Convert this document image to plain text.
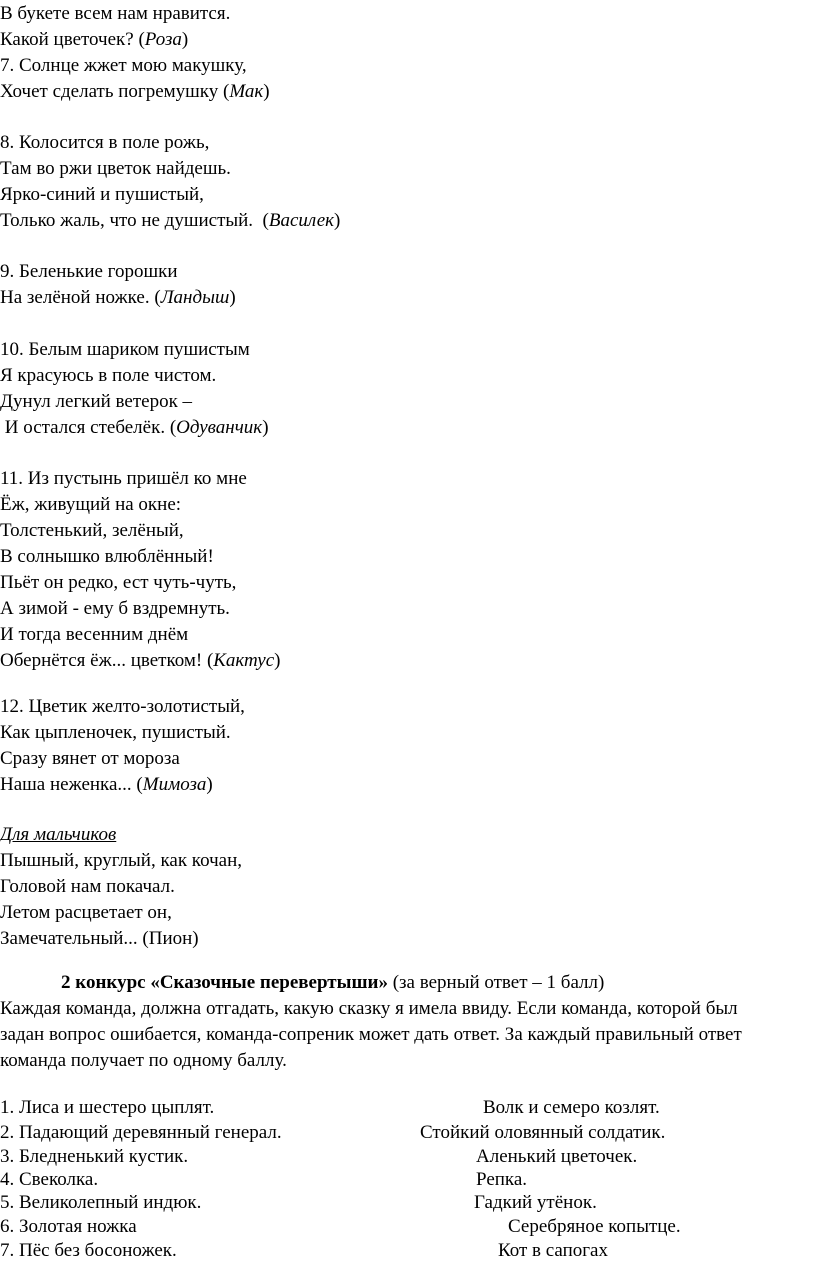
В букете всем нам нравится.
Какой цветочек? (Роза)
7. Солнце жжет мою макушку,
Хочет сделать погремушку (Мак)
8. Колосится в поле рожь,
Там во ржи цветок найдешь.
Ярко-синий и пушистый,
Только жаль, что не душистый.  (Василек)
9. Беленькие горошки
На зелёной ножке. (Ландыш)
10. Белым шариком пушистым
Я красуюсь в поле чистом.
Дунул легкий ветерок –
И остался стебелёк. (Одуванчик)
11. Из пустынь пришёл ко мне
Ёж, живущий на окне:
Толстенький, зелёный,
В солнышко влюблённый!
Пьёт он редко, ест чуть-чуть,
А зимой - ему б вздремнуть.
И тогда весенним днём
Обернётся ёж... цветком! (Кактус)
12. Цветик желто-золотистый,
Как цыпленочек, пушистый.
Сразу вянет от мороза
Наша неженка... (Мимоза)
Для мальчиков
Пышный, круглый, как кочан,
Головой нам покачал.
Летом расцветает он,
Замечательный... (Пион)
2 конкурс «Сказочные перевертыши» (за верный ответ – 1 балл)
Каждая команда, должна отгадать, какую сказку я имела ввиду. Если команда, которой был
задан вопрос ошибается, команда-сопреник может дать ответ. За каждый правильный ответ
команда получает по одному баллу.
1. Лиса и шестеро цыплят.	Волк и семеро козлят.
2. Падающий деревянный генерал.	Стойкий оловянный солдатик.
3. Бледненький кустик.	Аленький цветочек.
4. Свеколка.	Репка.
5. Великолепный индюк.	Гадкий утёнок.
6. Золотая ножка	Серебряное копытце.
7. Пёс без босоножек.	Кот в сапогах
